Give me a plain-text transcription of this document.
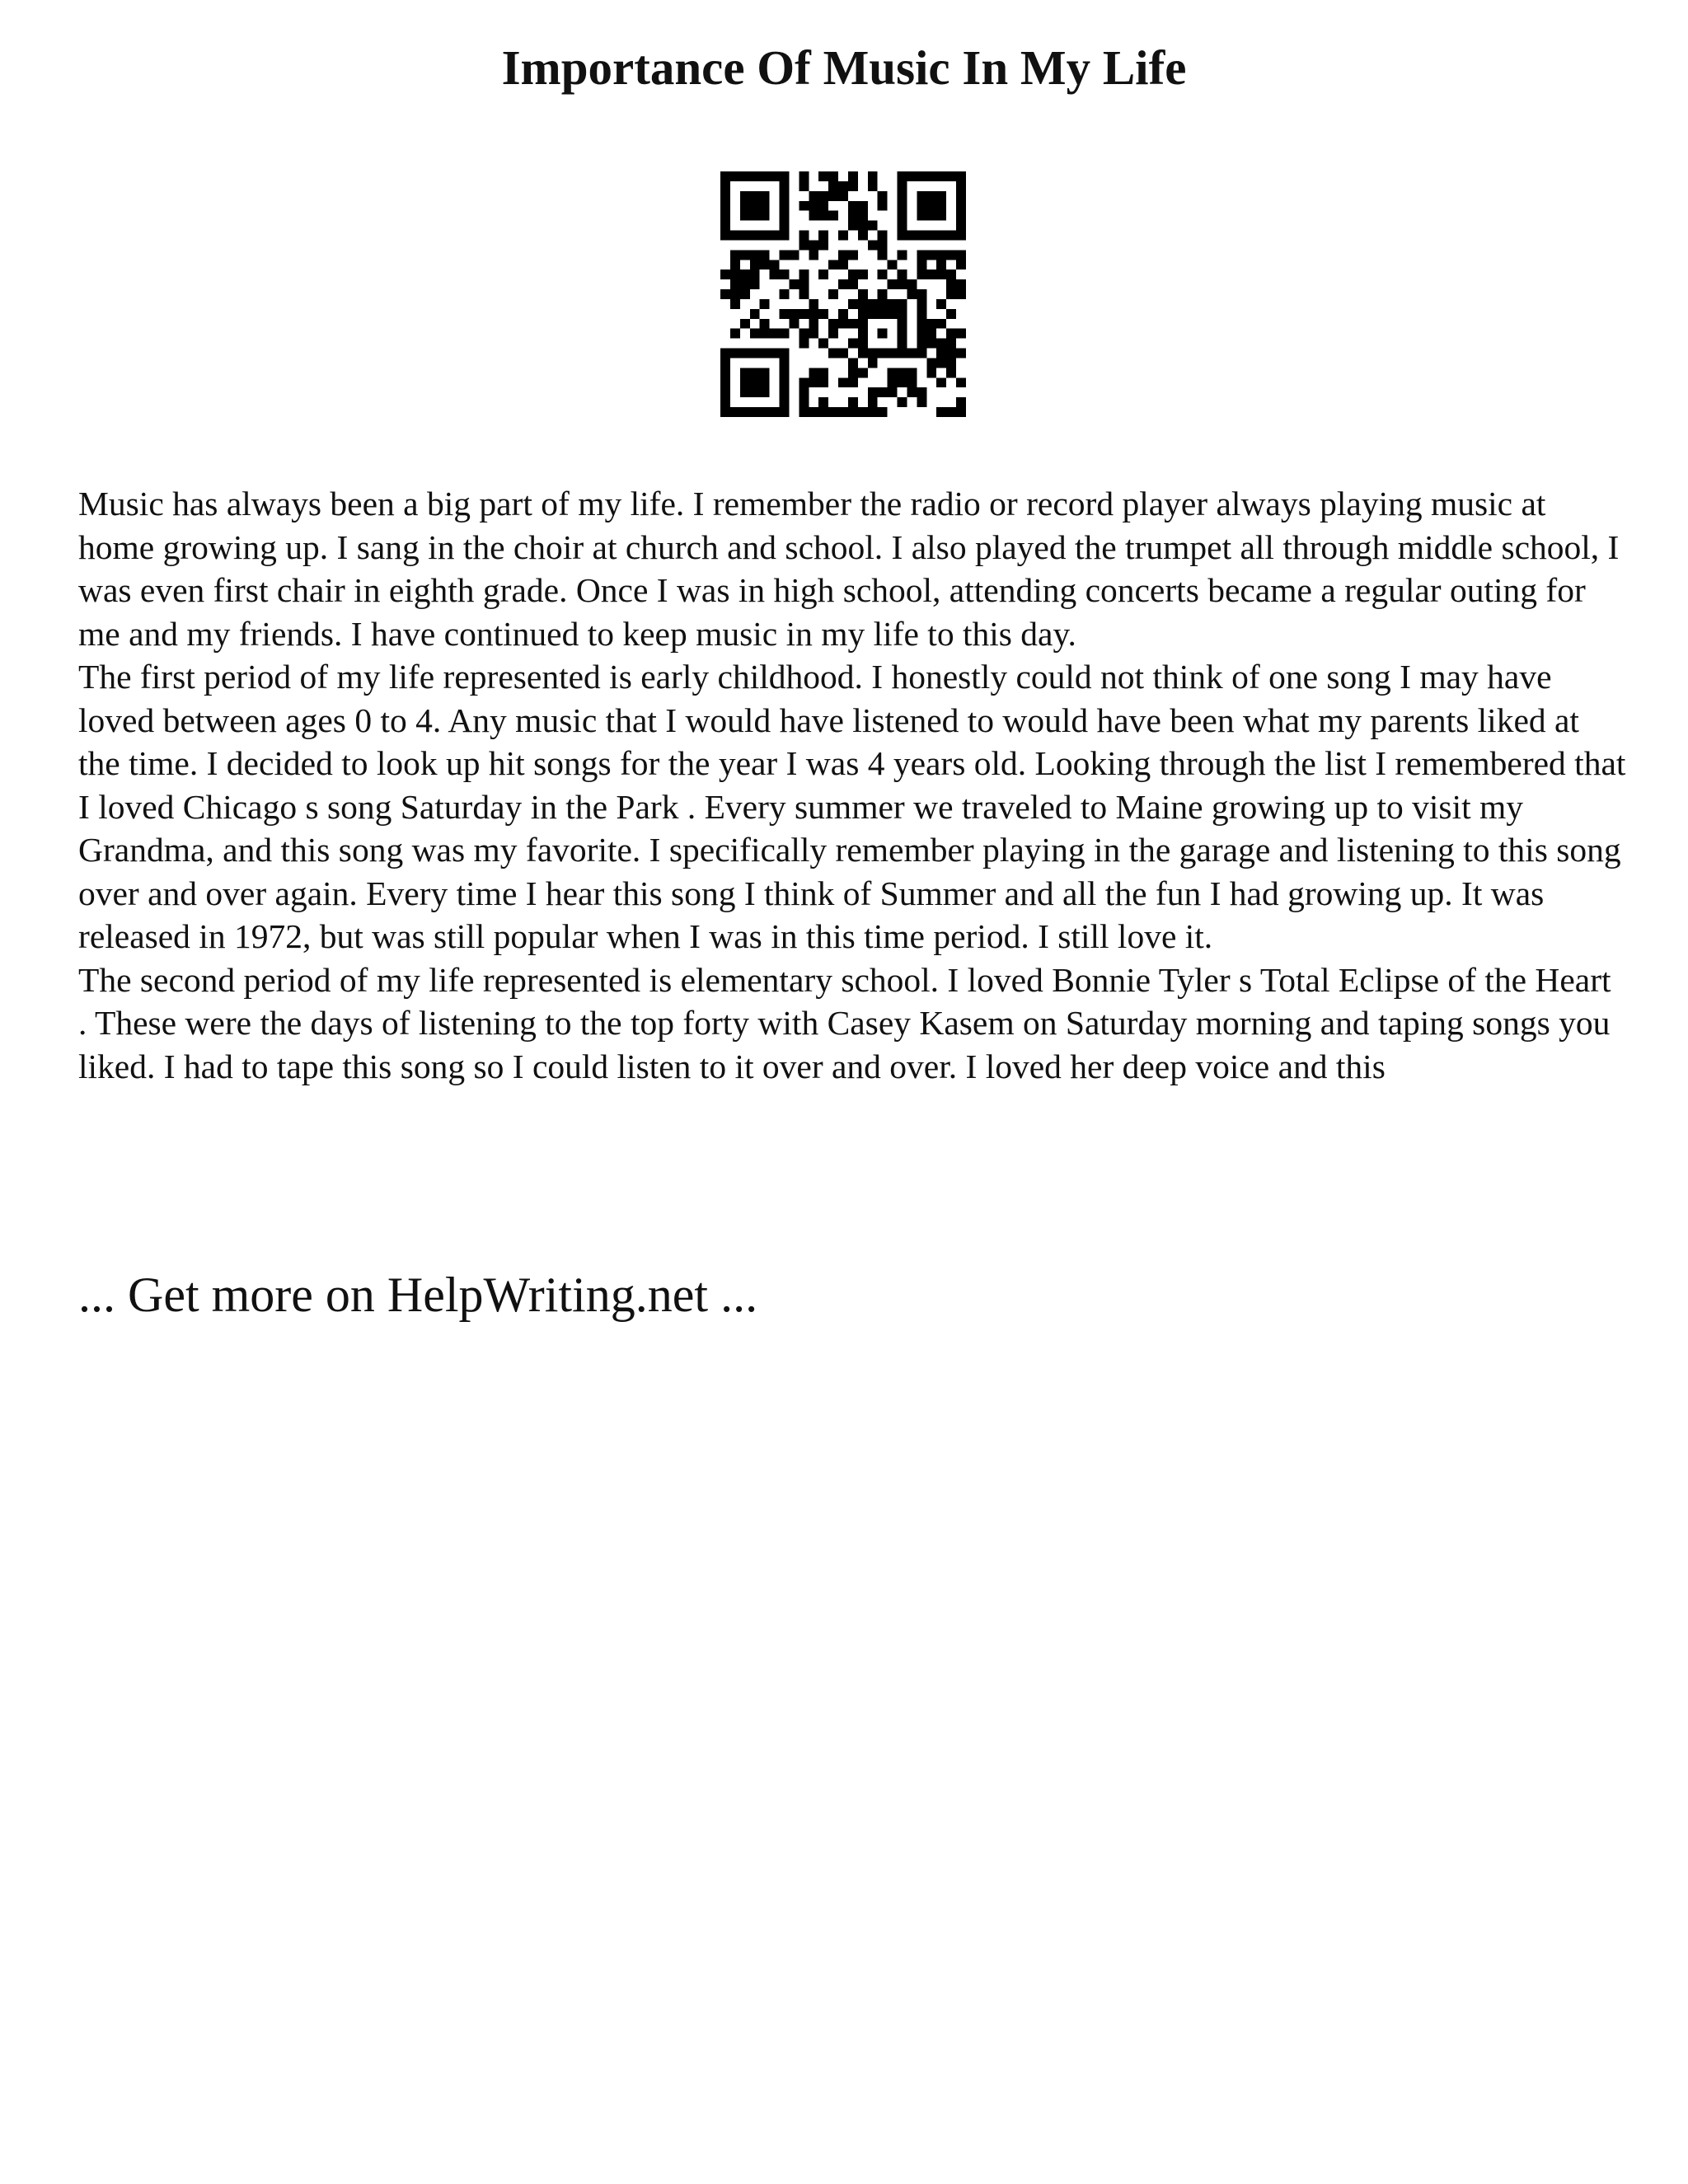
Importance Of Music In My Life

Music has always been a big part of my life. I remember the radio or record player always playing music at home growing up. I sang in the choir at church and school. I also played the trumpet all through middle school, I was even first chair in eighth grade. Once I was in high school, attending concerts became a regular outing for me and my friends. I have continued to keep music in my life to this day.

The first period of my life represented is early childhood. I honestly could not think of one song I may have loved between ages 0 to 4. Any music that I would have listened to would have been what my parents liked at the time. I decided to look up hit songs for the year I was 4 years old. Looking through the list I remembered that I loved Chicago s song Saturday in the Park . Every summer we traveled to Maine growing up to visit my Grandma, and this song was my favorite. I specifically remember playing in the garage and listening to this song over and over again. Every time I hear this song I think of Summer and all the fun I had growing up. It was released in 1972, but was still popular when I was in this time period. I still love it.

The second period of my life represented is elementary school. I loved Bonnie Tyler s Total Eclipse of the Heart . These were the days of listening to the top forty with Casey Kasem on Saturday morning and taping songs you liked. I had to tape this song so I could listen to it over and over. I loved her deep voice and this

... Get more on HelpWriting.net ...
